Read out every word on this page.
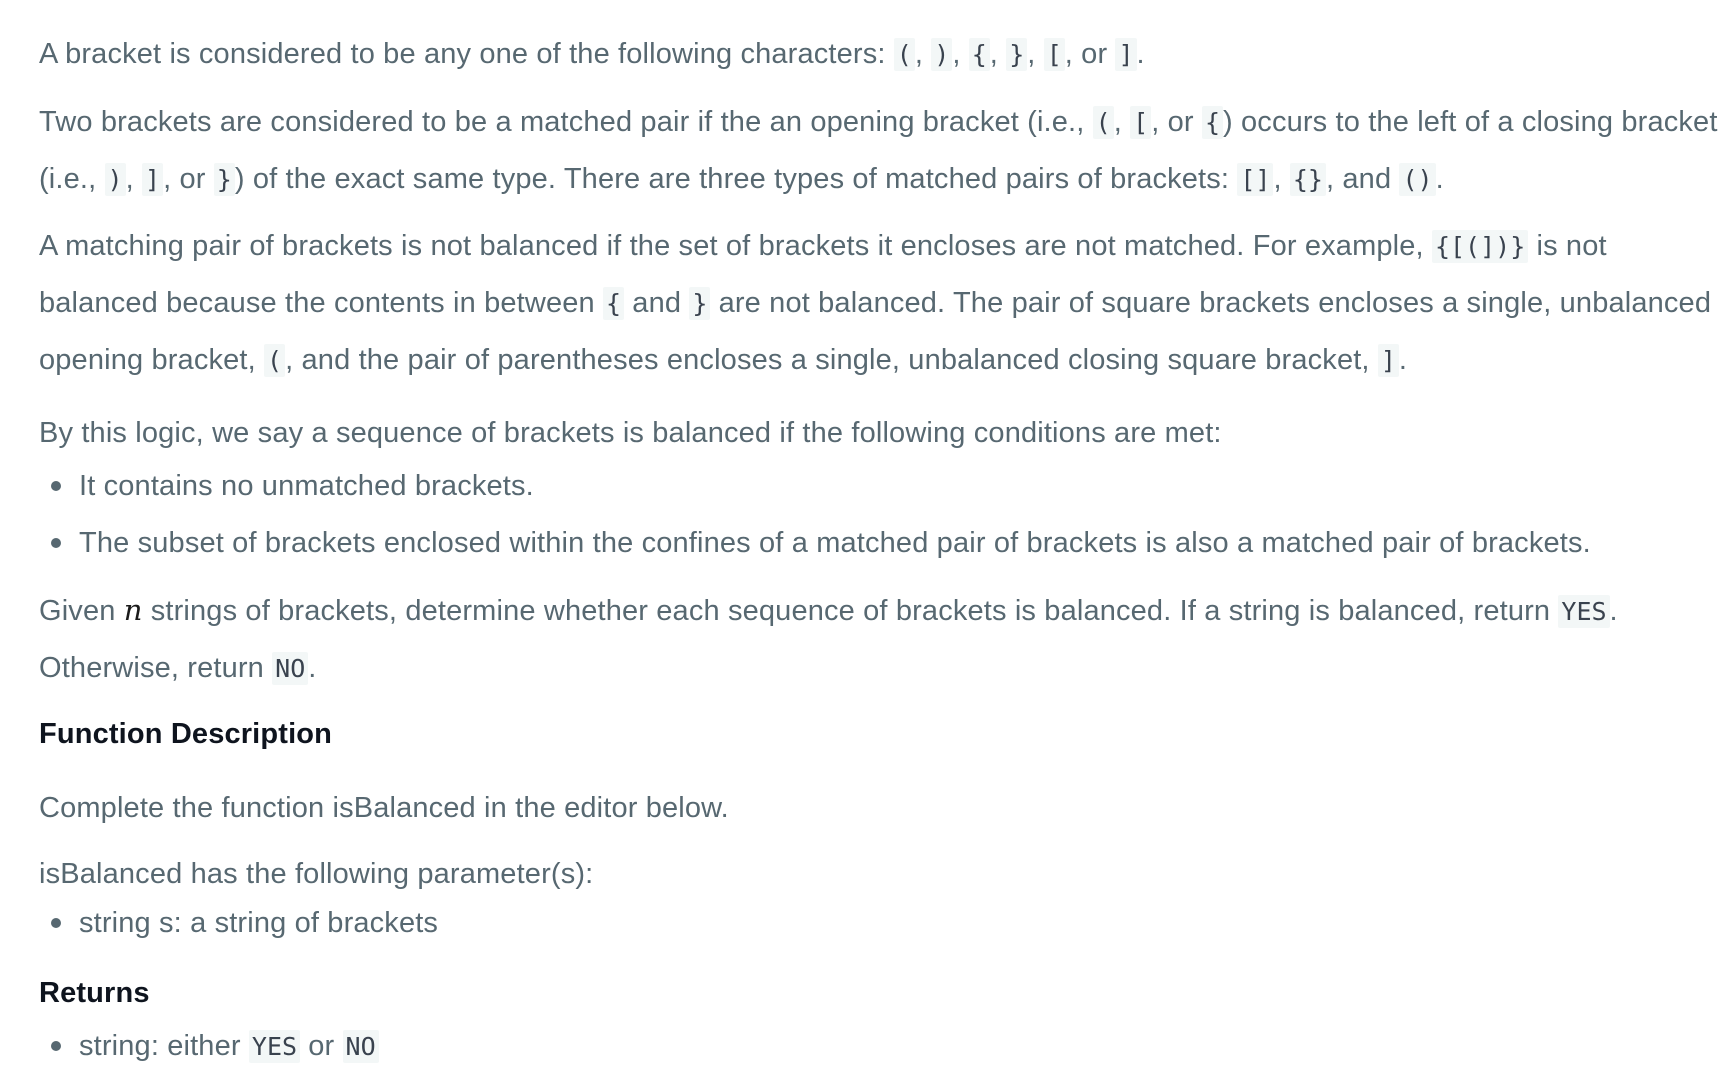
A bracket is considered to be any one of the following characters: ( , ) , { , } , [ , or ] .

Two brackets are considered to be a matched pair if the an opening bracket (i.e., ( , [ , or { ) occurs to the left of a closing bracket (i.e., ) , ] , or } ) of the exact same type. There are three types of matched pairs of brackets: [] , {} , and () .

A matching pair of brackets is not balanced if the set of brackets it encloses are not matched. For example, {[(])} is not balanced because the contents in between { and } are not balanced. The pair of square brackets encloses a single, unbalanced opening bracket, ( , and the pair of parentheses encloses a single, unbalanced closing square bracket, ] .

By this logic, we say a sequence of brackets is balanced if the following conditions are met:

It contains no unmatched brackets.
The subset of brackets enclosed within the confines of a matched pair of brackets is also a matched pair of brackets.

Given n strings of brackets, determine whether each sequence of brackets is balanced. If a string is balanced, return YES . Otherwise, return NO .

Function Description

Complete the function isBalanced in the editor below.

isBalanced has the following parameter(s):

string s: a string of brackets
Returns
string: either YES or NO
